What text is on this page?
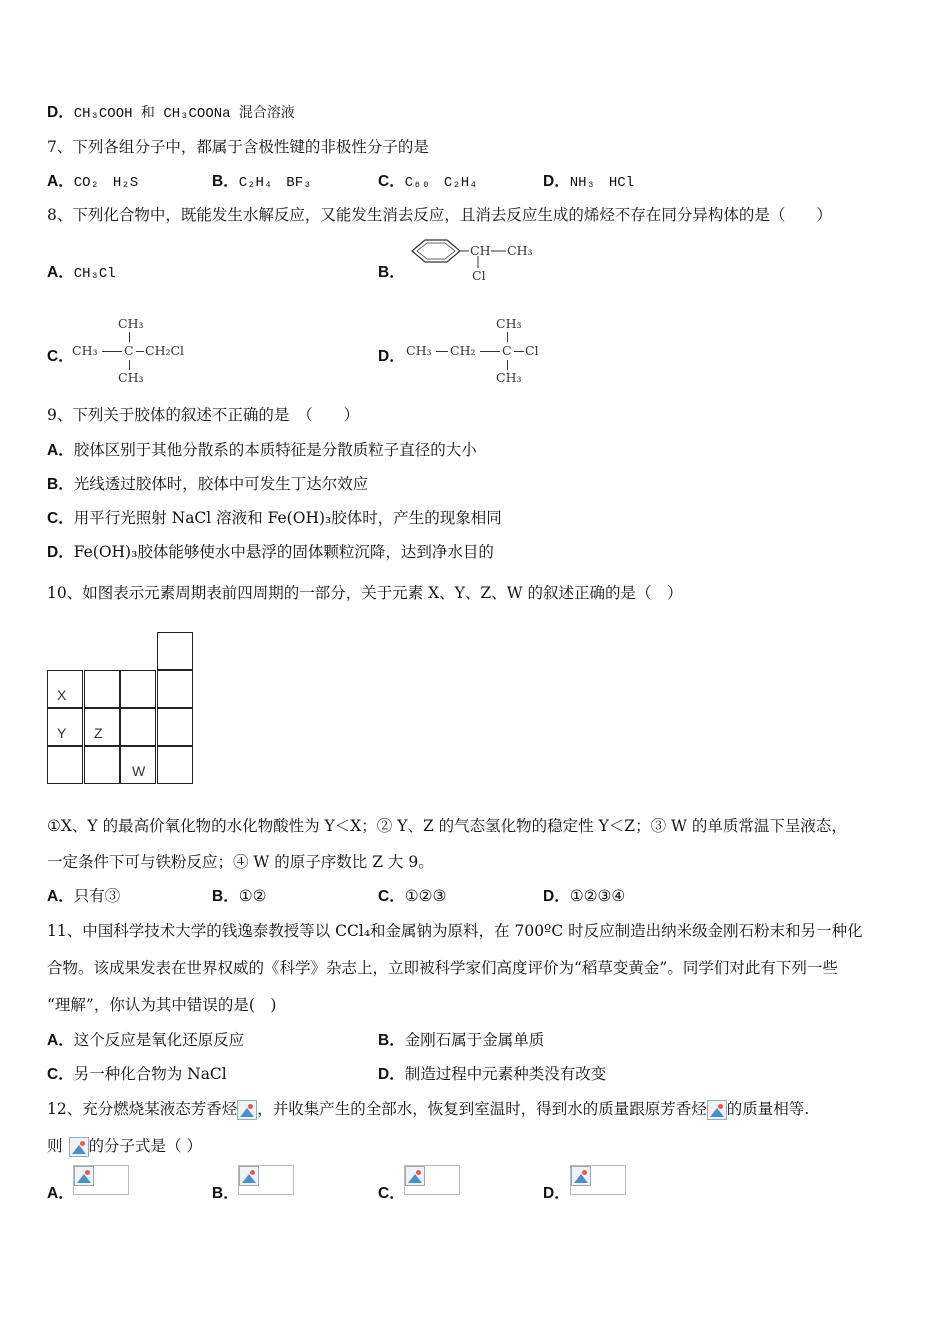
D．CH₃COOH 和 CH₃COONa 混合溶液
7、下列各组分子中，都属于含极性键的非极性分子的是
A．CO₂　H₂S	B．C₂H₄　BF₃	C．C₆₀　C₂H₄	D．NH₃　HCl
8、下列化合物中，既能发生水解反应，又能发生消去反应，且消去反应生成的烯烃不存在同分异构体的是（　　）
A．CH₃Cl	B．
CH CH₃
Cl
C．
CH₃
CH₃ C CH₂Cl
CH₃
D．
CH₃
CH₃ CH₂ C Cl
CH₃
9、下列关于胶体的叙述不正确的是　（　　）
A．胶体区别于其他分散系的本质特征是分散质粒子直径的大小
B．光线透过胶体时，胶体中可发生丁达尔效应
C．用平行光照射 NaCl 溶液和 Fe(OH)₃胶体时，产生的现象相同
D．Fe(OH)₃胶体能够使水中悬浮的固体颗粒沉降，达到净水目的
10、如图表示元素周期表前四周期的一部分，关于元素 X、Y、Z、W 的叙述正确的是（　）
X
Y Z
W
①X、Y 的最高价氧化物的水化物酸性为 Y＜X；② Y、Z 的气态氢化物的稳定性 Y＜Z；③ W 的单质常温下呈液态，
一定条件下可与铁粉反应；④ W 的原子序数比 Z 大 9。
A．只有③	B．①②	C．①②③	D．①②③④
11、中国科学技术大学的钱逸泰教授等以 CCl₄和金属钠为原料，在 700ºC 时反应制造出纳米级金刚石粉末和另一种化
合物。该成果发表在世界权威的《科学》杂志上，立即被科学家们高度评价为“稻草变黄金”。同学们对此有下列一些
“理解”，你认为其中错误的是(　)
A．这个反应是氧化还原反应	B．金刚石属于金属单质
C．另一种化合物为 NaCl	D．制造过程中元素种类没有改变
12、充分燃烧某液态芳香烃 ，并收集产生的全部水，恢复到室温时，得到水的质量跟原芳香烃 的质量相等.
则 的分子式是（ ）
A．	B．	C．	D．
